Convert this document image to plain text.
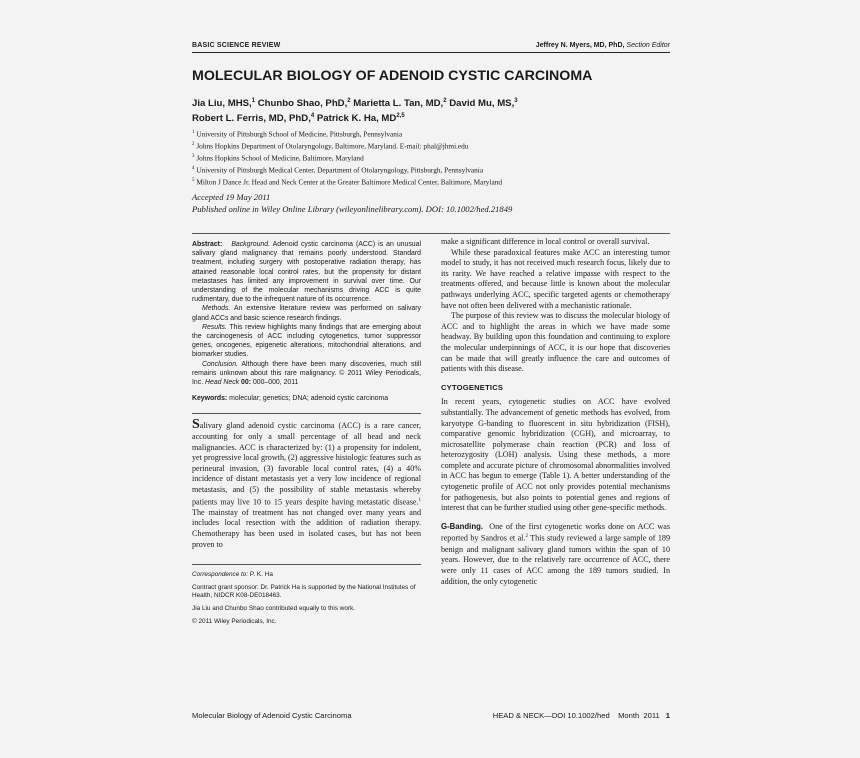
BASIC SCIENCE REVIEW	Jeffrey N. Myers, MD, PhD, Section Editor
MOLECULAR BIOLOGY OF ADENOID CYSTIC CARCINOMA
Jia Liu, MHS,$^1$ Chunbo Shao, PhD,$^2$ Marietta L. Tan, MD,$^2$ David Mu, MS,$^3$
Robert L. Ferris, MD, PhD,$^4$ Patrick K. Ha, MD$^{2,5}$
$^1$ University of Pittsburgh School of Medicine, Pittsburgh, Pennsylvania
$^2$ Johns Hopkins Department of Otolaryngology, Baltimore, Maryland. E-mail: phal@jhmi.edu
$^3$ Johns Hopkins School of Medicine, Baltimore, Maryland
$^4$ University of Pittsburgh Medical Center, Department of Otolaryngology, Pittsburgh, Pennsylvania
$^5$ Milton J Dance Jr. Head and Neck Center at the Greater Baltimore Medical Center, Baltimore, Maryland
Accepted 19 May 2011
Published online in Wiley Online Library (wileyonlinelibrary.com). DOI: 10.1002/hed.21849

Abstract: Background. Adenoid cystic carcinoma (ACC) is an unusual salivary gland malignancy that remains poorly understood. Standard treatment, including surgery with postoperative radiation therapy, has attained reasonable local control rates, but the propensity for distant metastases has limited any improvement in survival over time. Our understanding of the molecular mechanisms driving ACC is quite rudimentary, due to the infrequent nature of its occurrence.

Methods. An extensive literature review was performed on salivary gland ACCs and basic science research findings.

Results. This review highlights many findings that are emerging about the carcinogenesis of ACC including cytogenetics, tumor suppressor genes, oncogenes, epigenetic alterations, mitochondrial alterations, and biomarker studies.

Conclusion. Although there have been many discoveries, much still remains unknown about this rare malignancy. © 2011 Wiley Periodicals, Inc. Head Neck 00: 000–000, 2011

Keywords: molecular; genetics; DNA; adenoid cystic carcinoma

Salivary gland adenoid cystic carcinoma (ACC) is a rare cancer, accounting for only a small percentage of all head and neck malignancies. ACC is characterized by: (1) a propensity for indolent, yet progressive local growth, (2) aggressive histologic features such as perineural invasion, (3) favorable local control rates, (4) a 40% incidence of distant metastasis yet a very low incidence of regional metastasis, and (5) the possibility of stable metastasis whereby patients may live 10 to 15 years despite having metastatic disease.$^1$ The mainstay of treatment has not changed over many years and includes local resection with the addition of radiation therapy. Chemotherapy has been used in isolated cases, but has not been proven to

Correspondence to: P. K. Ha

Contract grant sponsor: Dr. Patrick Ha is supported by the National Institutes of Health, NIDCR K08-DE018463.

Jia Liu and Chunbo Shao contributed equally to this work.

© 2011 Wiley Periodicals, Inc.

make a significant difference in local control or overall survival.

While these paradoxical features make ACC an interesting tumor model to study, it has not received much research focus, likely due to its rarity. We have reached a relative impasse with respect to the treatments offered, and because little is known about the molecular pathways underlying ACC, specific targeted agents or chemotherapy have not often been delivered with a mechanistic rationale.

The purpose of this review was to discuss the molecular biology of ACC and to highlight the areas in which we have made some headway. By building upon this foundation and continuing to explore the molecular underpinnings of ACC, it is our hope that discoveries can be made that will greatly influence the care and outcomes of patients with this disease.

CYTOGENETICS

In recent years, cytogenetic studies on ACC have evolved substantially. The advancement of genetic methods has evolved, from karyotype G-banding to fluorescent in situ hybridization (FISH), comparative genomic hybridization (CGH), and microarray, to microsatellite polymerase chain reaction (PCR) and loss of heterozygosity (LOH) analysis. Using these methods, a more complete and accurate picture of chromosomal abnormalities involved in ACC has begun to emerge (Table 1). A better understanding of the cytogenetic profile of ACC not only provides potential mechanisms for pathogenesis, but also points to potential genes and regions of interest that can be further studied using other gene-specific methods.

G-Banding. One of the first cytogenetic works done on ACC was reported by Sandros et al.$^2$ This study reviewed a large sample of 189 benign and malignant salivary gland tumors within the span of 10 years. However, due to the relatively rare occurrence of ACC, there were only 11 cases of ACC among the 189 tumors studied. In addition, the only cytogenetic

Molecular Biology of Adenoid Cystic Carcinoma	HEAD & NECK—DOI 10.1002/hed    Month  2011 1
